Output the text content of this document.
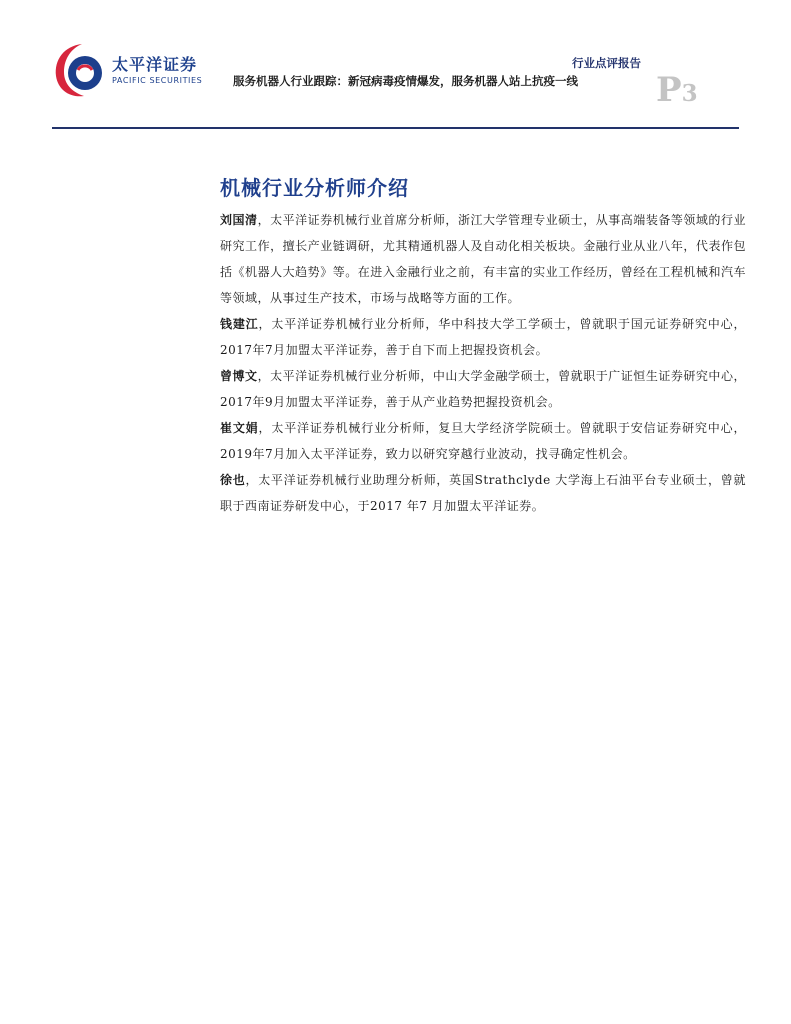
太平洋证券
PACIFIC SECURITIES
行业点评报告
服务机器人行业跟踪：新冠病毒疫情爆发，服务机器人站上抗疫一线 P3
机械行业分析师介绍
刘国清，太平洋证券机械行业首席分析师，浙江大学管理专业硕士，从事高端装备等领域的行业研究工作，擅长产业链调研，尤其精通机器人及自动化相关板块。金融行业从业八年，代表作包括《机器人大趋势》等。在进入金融行业之前，有丰富的实业工作经历，曾经在工程机械和汽车等领域，从事过生产技术，市场与战略等方面的工作。
钱建江，太平洋证券机械行业分析师，华中科技大学工学硕士，曾就职于国元证券研究中心，2017年7月加盟太平洋证券，善于自下而上把握投资机会。
曾博文，太平洋证券机械行业分析师，中山大学金融学硕士，曾就职于广证恒生证券研究中心，2017年9月加盟太平洋证券，善于从产业趋势把握投资机会。
崔文娟，太平洋证券机械行业分析师，复旦大学经济学院硕士。曾就职于安信证券研究中心，2019年7月加入太平洋证券，致力以研究穿越行业波动，找寻确定性机会。
徐也，太平洋证券机械行业助理分析师，英国Strathclyde 大学海上石油平台专业硕士，曾就职于西南证券研发中心，于2017 年7 月加盟太平洋证券。
